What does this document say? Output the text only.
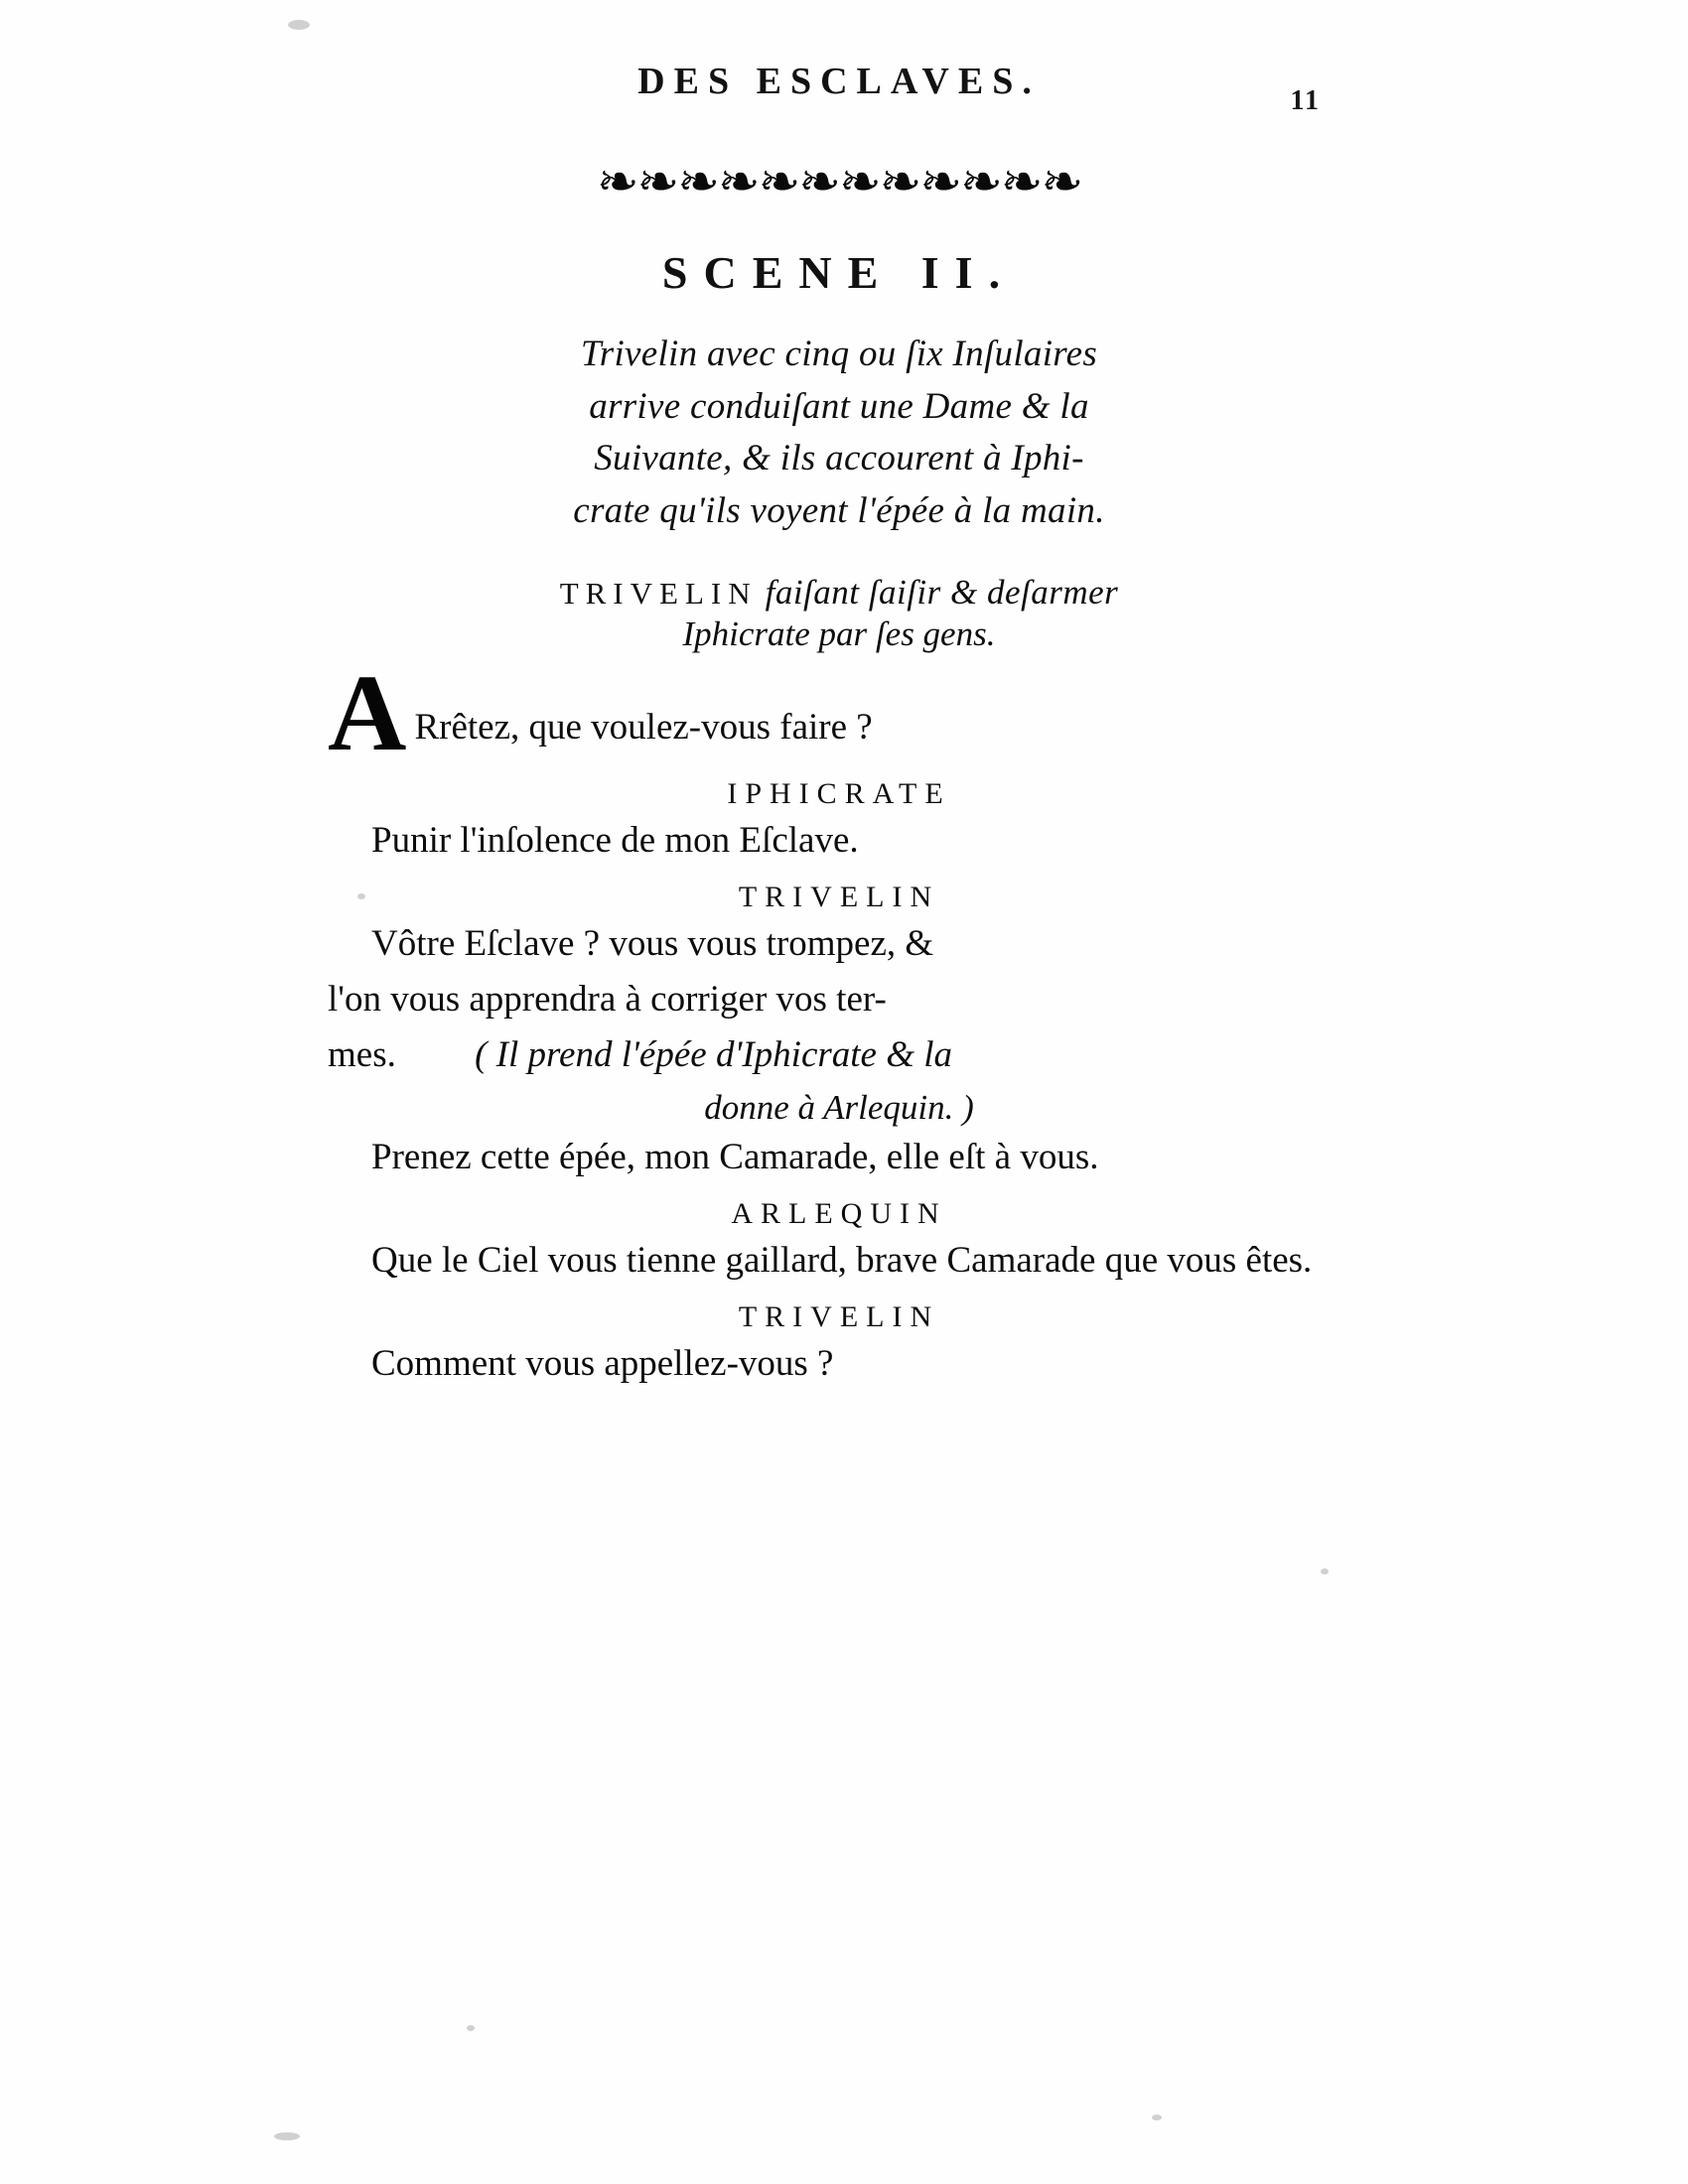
DES ESCLAVES.	11
❧❧❧❧❧❧❧❧❧❧❧❧
SCENE II.
Trivelin avec cinq ou ſix Inſulaires
arrive conduiſant une Dame & la
Suivante, & ils accourent à Iphi-
crate qu'ils voyent l'épée à la main.
TRIVELIN faiſant ſaiſir & deſarmer
Iphicrate par ſes gens.
A Rrêtez, que voulez-vous faire ?
IPHICRATE
Punir l'inſolence de mon Eſclave.
TRIVELIN
Vôtre Eſclave ? vous vous trompez, &
l'on vous apprendra à corriger vos ter-
mes. ( Il prend l'épée d'Iphicrate & la
donne à Arlequin. )
Prenez cette épée, mon Camarade, elle eſt à vous.
ARLEQUIN
Que le Ciel vous tienne gaillard, brave Camarade que vous êtes.
TRIVELIN
Comment vous appellez-vous ?
